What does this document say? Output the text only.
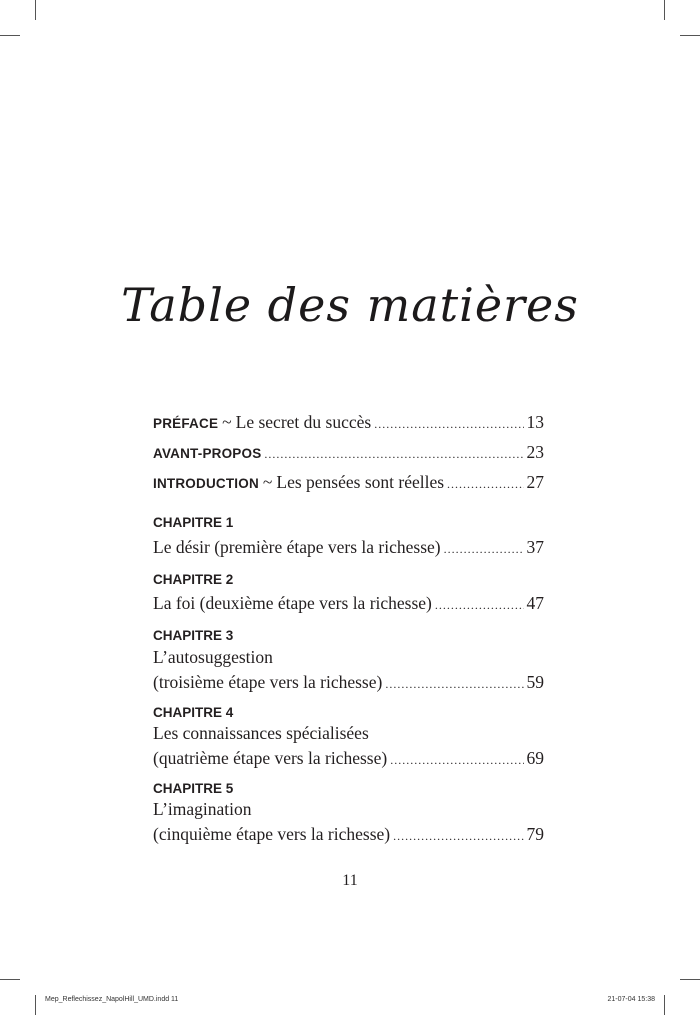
Table des matières
PRÉFACE ~ Le secret du succès .....	13
AVANT-PROPOS .....	23
INTRODUCTION ~ Les pensées sont réelles .....	27
CHAPITRE 1
Le désir (première étape vers la richesse) .....	37
CHAPITRE 2
La foi (deuxième étape vers la richesse) .....	47
CHAPITRE 3
L’autosuggestion
(troisième étape vers la richesse) .....	59
CHAPITRE 4
Les connaissances spécialisées
(quatrième étape vers la richesse) .....	69
CHAPITRE 5
L’imagination
(cinquième étape vers la richesse) .....	79
11
Mep_Reflechissez_NapolHill_UMD.indd 11	21-07-04 15:38
